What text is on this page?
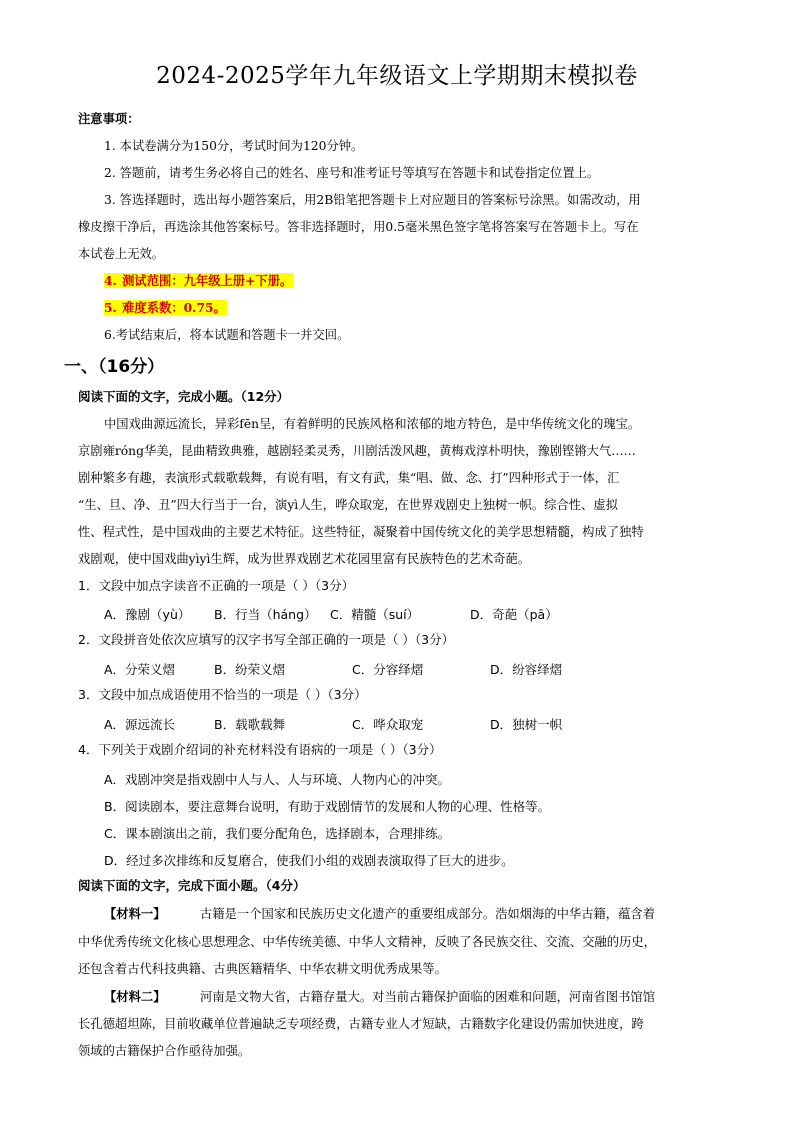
2024-2025学年九年级语文上学期期末模拟卷
注意事项：
1. 本试卷满分为150分，考试时间为120分钟。
2. 答题前，请考生务必将自己的姓名、座号和准考证号等填写在答题卡和试卷指定位置上。
3. 答选择题时，选出每小题答案后，用2B铅笔把答题卡上对应题目的答案标号涂黑。如需改动，用
橡皮擦干净后，再选涂其他答案标号。答非选择题时，用0.5毫米黑色签字笔将答案写在答题卡上。写在
本试卷上无效。
4. 测试范围：九年级上册+下册。
5. 难度系数：0.75。
6.考试结束后，将本试题和答题卡一并交回。
一、（16分）
阅读下面的文字，完成小题。（12分）
中国戏曲源远流长，异彩fēn呈，有着鲜明的民族风格和浓郁的地方特色，是中华传统文化的瑰宝。
京剧雍róng华美，昆曲精致典雅，越剧轻柔灵秀，川剧活泼风趣，黄梅戏淳朴明快，豫剧铿锵大气……
剧种繁多有趣，表演形式载歌载舞，有说有唱，有文有武，集“唱、做、念、打”四种形式于一体，汇
“生、旦、净、丑”四大行当于一台，演yì人生，哗众取宠，在世界戏剧史上独树一帜。综合性、虚拟
性、程式性，是中国戏曲的主要艺术特征。这些特征，凝聚着中国传统文化的美学思想精髓，构成了独特
戏剧观，使中国戏曲yìyì生辉，成为世界戏剧艺术花园里富有民族特色的艺术奇葩。
1．文段中加点字读音不正确的一项是（ ）（3分）
A．豫剧（yù） B．行当（háng） C．精髓（suí）	D．奇葩（pā）
2．文段拼音处依次应填写的汉字书写全部正确的一项是（ ）（3分）
A．分荣义熠	B．纷荣义熠	C．分容绎熠	D．纷容绎熠
3．文段中加点成语使用不恰当的一项是（ ）（3分）
A．源远流长	B．载歌载舞	C．哗众取宠	D．独树一帜
4．下列关于戏剧介绍词的补充材料没有语病的一项是（ ）（3分）
A．戏剧冲突是指戏剧中人与人、人与环境、人物内心的冲突。
B．阅读剧本，要注意舞台说明，有助于戏剧情节的发展和人物的心理、性格等。
C．课本剧演出之前，我们要分配角色，选择剧本，合理排练。
D．经过多次排练和反复磨合，使我们小组的戏剧表演取得了巨大的进步。
阅读下面的文字，完成下面小题。（4分）
【材料一】	古籍是一个国家和民族历史文化遗产的重要组成部分。浩如烟海的中华古籍，蕴含着
中华优秀传统文化核心思想理念、中华传统美德、中华人文精神，反映了各民族交往、交流、交融的历史，
还包含着古代科技典籍、古典医籍精华、中华农耕文明优秀成果等。
【材料二】	河南是文物大省，古籍存量大。对当前古籍保护面临的困难和问题，河南省图书馆馆
长孔德超坦陈，目前收藏单位普遍缺乏专项经费，古籍专业人才短缺，古籍数字化建设仍需加快进度，跨
领域的古籍保护合作亟待加强。
